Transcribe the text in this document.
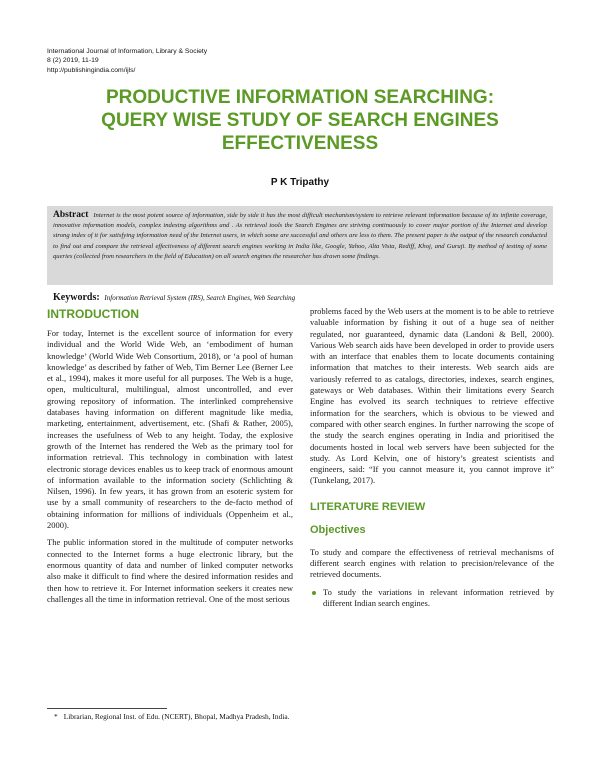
International Journal of Information, Library & Society
8 (2) 2019, 11-19
http://publishingindia.com/ijls/
PRODUCTIVE INFORMATION SEARCHING:
QUERY WISE STUDY OF SEARCH ENGINES
EFFECTIVENESS
P K Tripathy
Abstract Internet is the most potent source of information, side by side it has the most difficult mechanism/system to retrieve relevant information because of its infinite coverage, innovative information models, complex indexing algorithms and . As retrieval tools the Search Engines are striving continuously to cover major portion of the Internet and develop strong index of it for satisfying information need of the Internet users, in which some are successful and others are less to them. The present paper is the output of the research conducted to find out and compare the retrieval effectiveness of different search engines working in India like, Google, Yahoo, Alta Vista, Rediff, Khoj, and Guruji. By method of testing of some queries (collected from researchers in the field of Education) on all search engines the researcher has drawn some findings.
Keywords: Information Retrieval System (IRS), Search Engines, Web Searching
INTRODUCTION

For today, Internet is the excellent source of information for every individual and the World Wide Web, an ‘embodiment of human knowledge’ (World Wide Web Consortium, 2018), or ‘a pool of human knowledge’ as described by father of Web, Tim Berner Lee (Berner Lee et al., 1994), makes it more useful for all purposes. The Web is a huge, open, multicultural, multilingual, almost uncontrolled, and ever growing repository of information. The interlinked comprehensive databases having information on different magnitude like media, marketing, entertainment, advertisement, etc. (Shafi & Rather, 2005), increases the usefulness of Web to any height. Today, the explosive growth of the Internet has rendered the Web as the primary tool for information retrieval. This technology in combination with latest electronic storage devices enables us to keep track of enormous amount of information available to the information society (Schlichting & Nilsen, 1996). In few years, it has grown from an esoteric system for use by a small community of researchers to the de-facto method of obtaining information for millions of individuals (Oppenheim et al., 2000).

The public information stored in the multitude of computer networks connected to the Internet forms a huge electronic library, but the enormous quantity of data and number of linked computer networks also make it difficult to find where the desired information resides and then how to retrieve it. For Internet information seekers it creates new challenges all the time in information retrieval. One of the most serious

problems faced by the Web users at the moment is to be able to retrieve valuable information by fishing it out of a huge sea of neither regulated, nor guaranteed, dynamic data (Landoni & Bell, 2000). Various Web search aids have been developed in order to provide users with an interface that enables them to locate documents containing information that matches to their interests. Web search aids are variously referred to as catalogs, directories, indexes, search engines, gateways or Web databases. Within their limitations every Search Engine has evolved its search techniques to retrieve effective information for the searchers, which is obvious to be viewed and compared with other search engines. In further narrowing the scope of the study the search engines operating in India and prioritised the documents hosted in local web servers have been subjected for the study. As Lord Kelvin, one of history’s greatest scientists and engineers, said: “If you cannot measure it, you cannot improve it” (Tunkelang, 2017).

LITERATURE REVIEW
Objectives

To study and compare the effectiveness of retrieval mechanisms of different search engines with relation to precision/relevance of the retrieved documents.

To study the variations in relevant information retrieved by different Indian search engines.
* Librarian, Regional Inst. of Edu. (NCERT), Bhopal, Madhya Pradesh, India.
